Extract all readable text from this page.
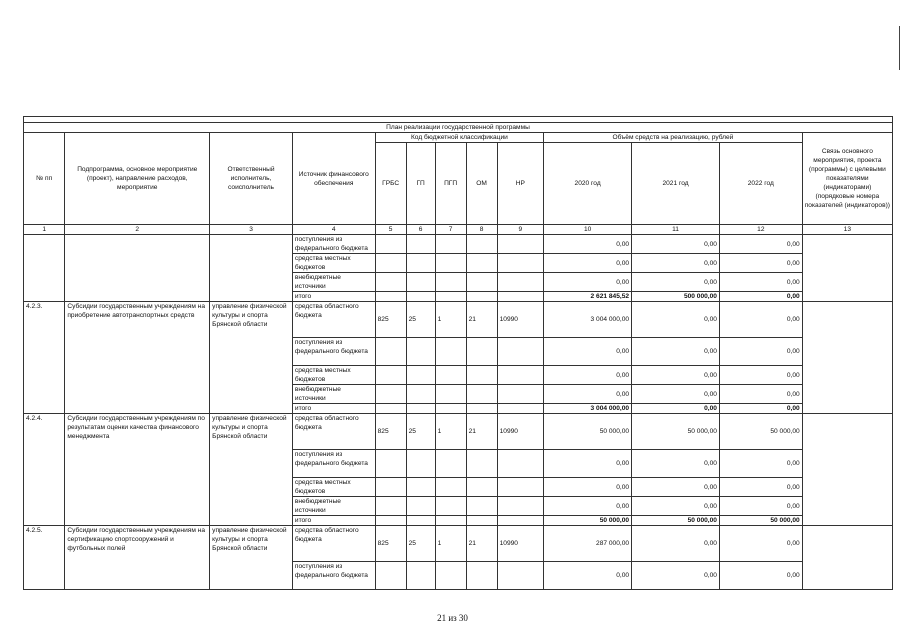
План реализации государственной программы												
№ пп	Подпрограмма, основное мероприятие (проект), направление расходов, мероприятие	Ответственный исполнитель, соисполнитель	Источник финансового обеспечения	Код бюджетной классификации					Объём средств на реализацию, рублей			Связь основного мероприятия, проекта (программы) с целевыми показателями (индикаторами) (порядковые номера показателей (индикаторов))
				ГРБС	ГП	ПГП	ОМ	НР	2020 год	2021 год	2022 год	
1	2	3	4	5	6	7	8	9	10	11	12	13
			поступления из федерального бюджета						0,00	0,00	0,00	
			средства местных бюджетов						0,00	0,00	0,00	
			внебюджетные источники						0,00	0,00	0,00	
			итого						2 621 845,52	500 000,00	0,00	
4.2.3.	Субсидии государственным учреждениям на приобретение автотранспортных средств	управление физической культуры и спорта Брянской области	средства областного бюджета	825	25	1	21	10990	3 004 000,00	0,00	0,00	
			поступления из федерального бюджета						0,00	0,00	0,00	
			средства местных бюджетов						0,00	0,00	0,00	
			внебюджетные источники						0,00	0,00	0,00	
			итого						3 004 000,00	0,00	0,00	
4.2.4.	Субсидии государственным учреждениям по результатам оценки качества финансового менеджмента	управление физической культуры и спорта Брянской области	средства областного бюджета	825	25	1	21	10990	50 000,00	50 000,00	50 000,00	
			поступления из федерального бюджета						0,00	0,00	0,00	
			средства местных бюджетов						0,00	0,00	0,00	
			внебюджетные источники						0,00	0,00	0,00	
			итого						50 000,00	50 000,00	50 000,00	
4.2.5.	Субсидии государственным учреждениям на сертификацию спортсооружений и футбольных полей	управление физической культуры и спорта Брянской области	средства областного бюджета	825	25	1	21	10990	287 000,00	0,00	0,00	
			поступления из федерального бюджета						0,00	0,00	0,00	
21 из 30
